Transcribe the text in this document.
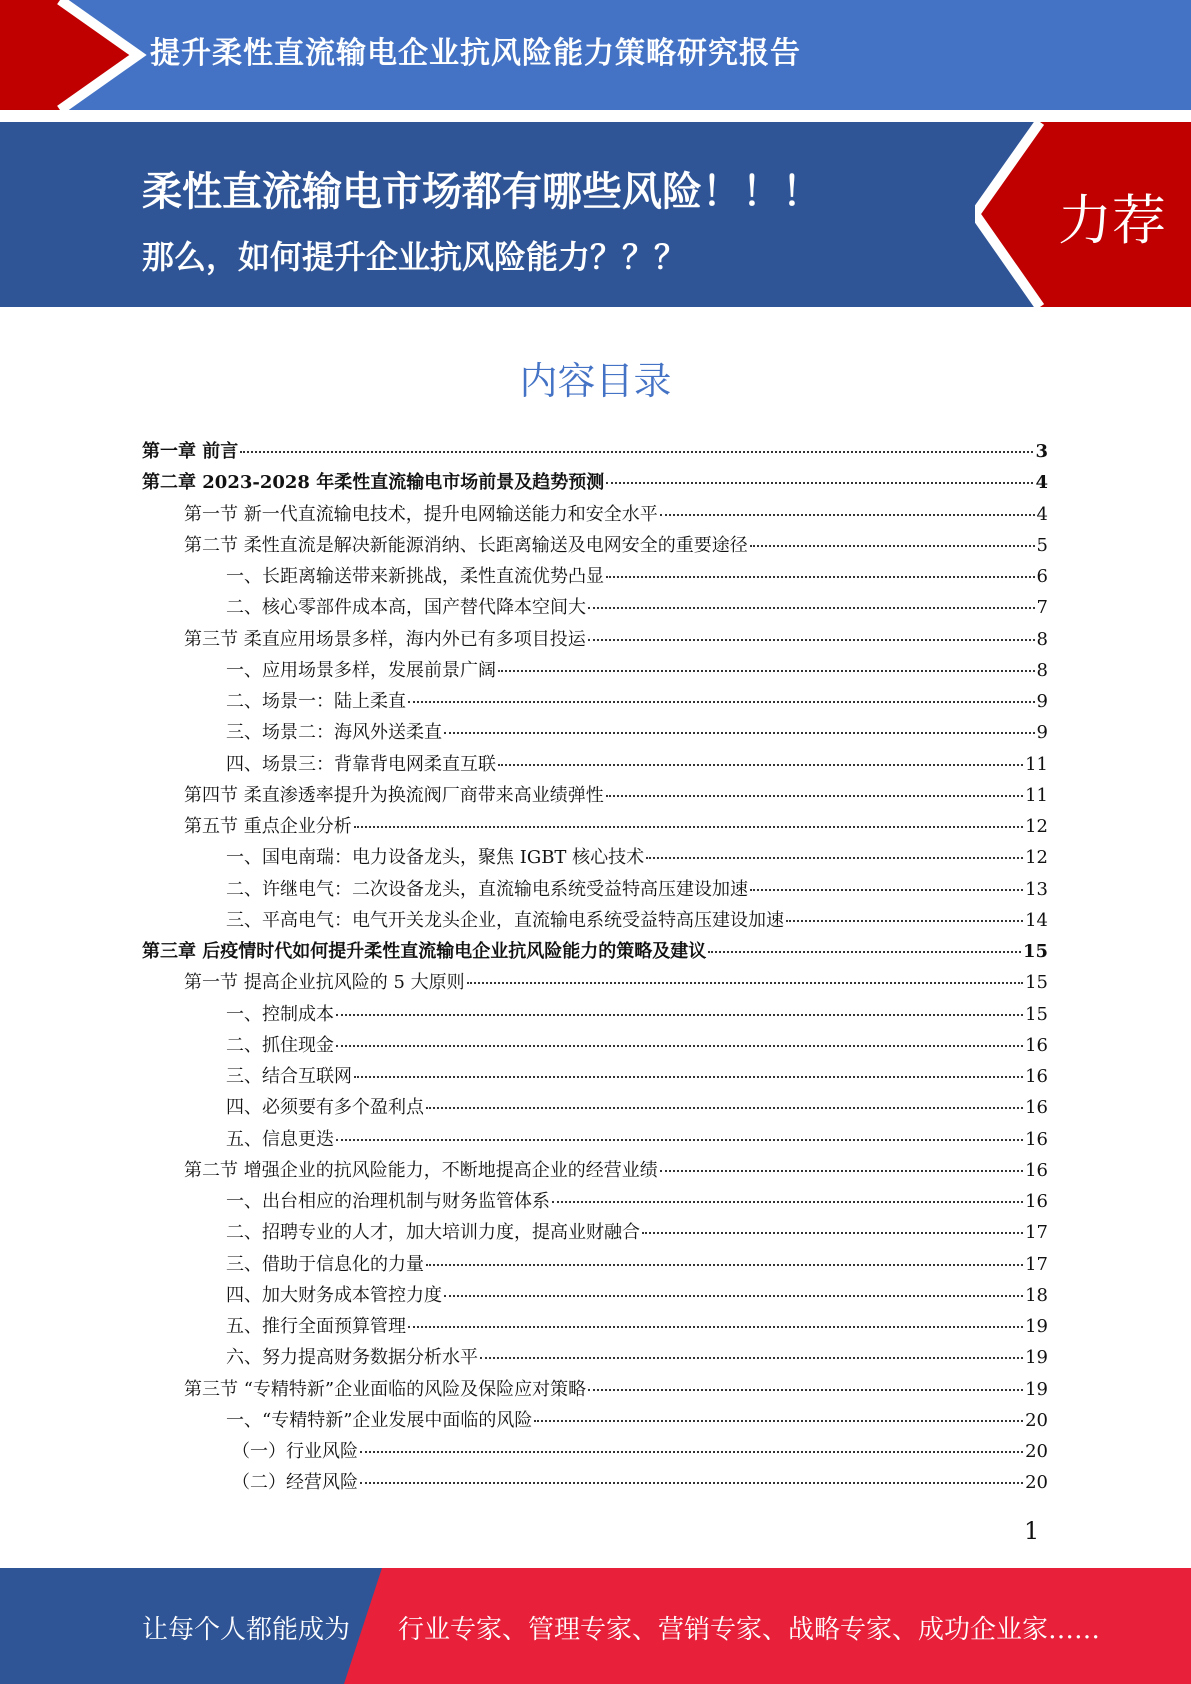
提升柔性直流输电企业抗风险能力策略研究报告
柔性直流输电市场都有哪些风险！！！
那么，如何提升企业抗风险能力？？？
力荐
内容目录
第一章 前言	3
第二章 2023-2028 年柔性直流输电市场前景及趋势预测	4
第一节 新一代直流输电技术，提升电网输送能力和安全水平	4
第二节 柔性直流是解决新能源消纳、长距离输送及电网安全的重要途径	5
一、长距离输送带来新挑战，柔性直流优势凸显	6
二、核心零部件成本高，国产替代降本空间大	7
第三节 柔直应用场景多样，海内外已有多项目投运	8
一、应用场景多样，发展前景广阔	8
二、场景一：陆上柔直	9
三、场景二：海风外送柔直	9
四、场景三：背靠背电网柔直互联	11
第四节 柔直渗透率提升为换流阀厂商带来高业绩弹性	11
第五节 重点企业分析	12
一、国电南瑞：电力设备龙头，聚焦 IGBT 核心技术	12
二、许继电气：二次设备龙头，直流输电系统受益特高压建设加速	13
三、平高电气：电气开关龙头企业，直流输电系统受益特高压建设加速	14
第三章 后疫情时代如何提升柔性直流输电企业抗风险能力的策略及建议	15
第一节 提高企业抗风险的 5 大原则	15
一、控制成本	15
二、抓住现金	16
三、结合互联网	16
四、必须要有多个盈利点	16
五、信息更迭	16
第二节 增强企业的抗风险能力，不断地提高企业的经营业绩	16
一、出台相应的治理机制与财务监管体系	16
二、招聘专业的人才，加大培训力度，提高业财融合	17
三、借助于信息化的力量	17
四、加大财务成本管控力度	18
五、推行全面预算管理	19
六、努力提高财务数据分析水平	19
第三节 “专精特新”企业面临的风险及保险应对策略	19
一、“专精特新”企业发展中面临的风险	20
（一）行业风险	20
（二）经营风险	20
1
让每个人都能成为 行业专家、管理专家、营销专家、战略专家、成功企业家……
